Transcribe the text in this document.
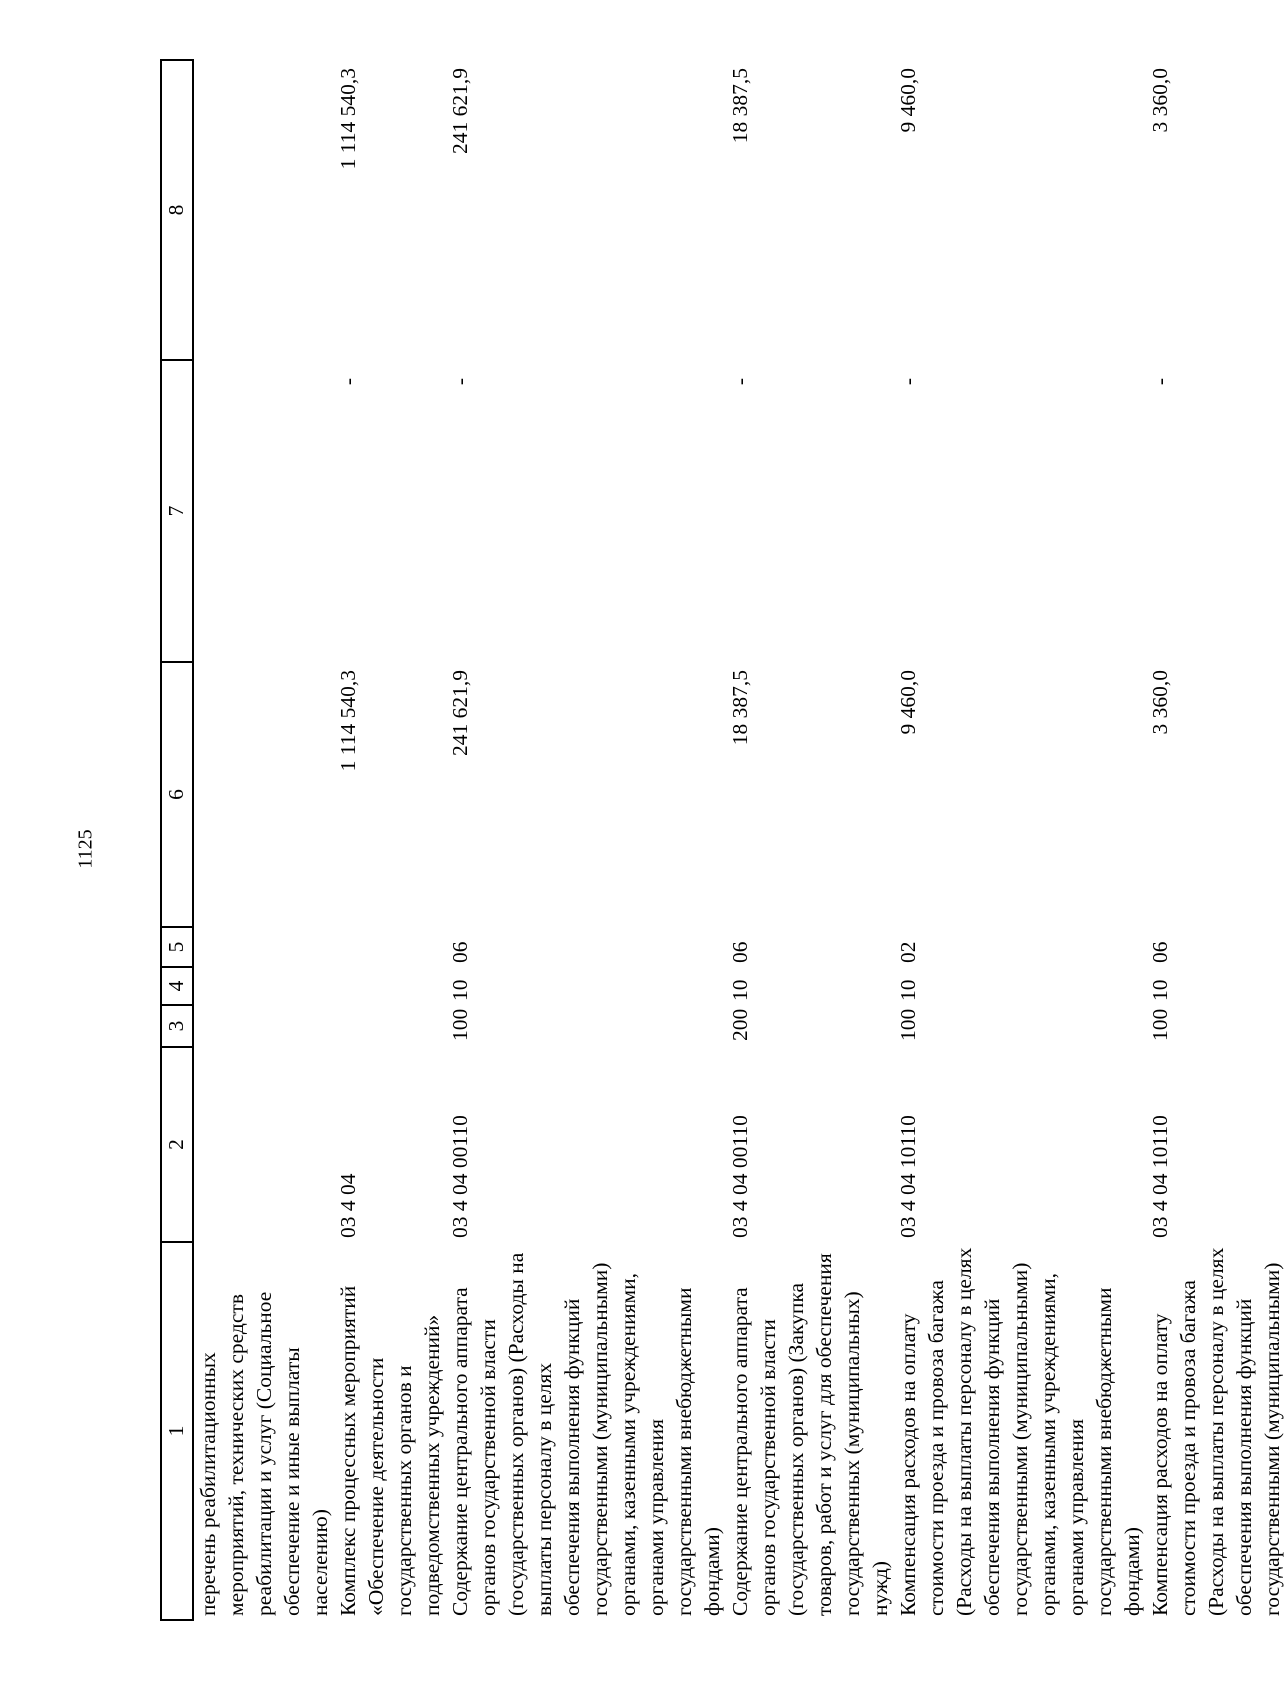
1125
1	2	3	4	5	6	7	8
перечень реабилитационных мероприятий, технических средств реабилитации и услуг (Социальное обеспечение и иные выплаты населению)							
Комплекс процессных мероприятий «Обеспечение деятельности государственных органов и подведомственных учреждений»	03 4 04				1 114 540,3	-	1 114 540,3
Содержание центрального аппарата органов государственной власти (государственных органов) (Расходы на выплаты персоналу в целях обеспечения выполнения функций государственными (муниципальными) органами, казенными учреждениями, органами управления государственными внебюджетными фондами)	03 4 04 00110	100	10	06	241 621,9	-	241 621,9
Содержание центрального аппарата органов государственной власти (государственных органов) (Закупка товаров, работ и услуг для обеспечения государственных (муниципальных) нужд)	03 4 04 00110	200	10	06	18 387,5	-	18 387,5
Компенсация расходов на оплату стоимости проезда и провоза багажа (Расходы на выплаты персоналу в целях обеспечения выполнения функций государственными (муниципальными) органами, казенными учреждениями, органами управления государственными внебюджетными фондами)	03 4 04 10110	100	10	02	9 460,0	-	9 460,0
Компенсация расходов на оплату стоимости проезда и провоза багажа (Расходы на выплаты персоналу в целях обеспечения выполнения функций государственными (муниципальными)	03 4 04 10110	100	10	06	3 360,0	-	3 360,0
